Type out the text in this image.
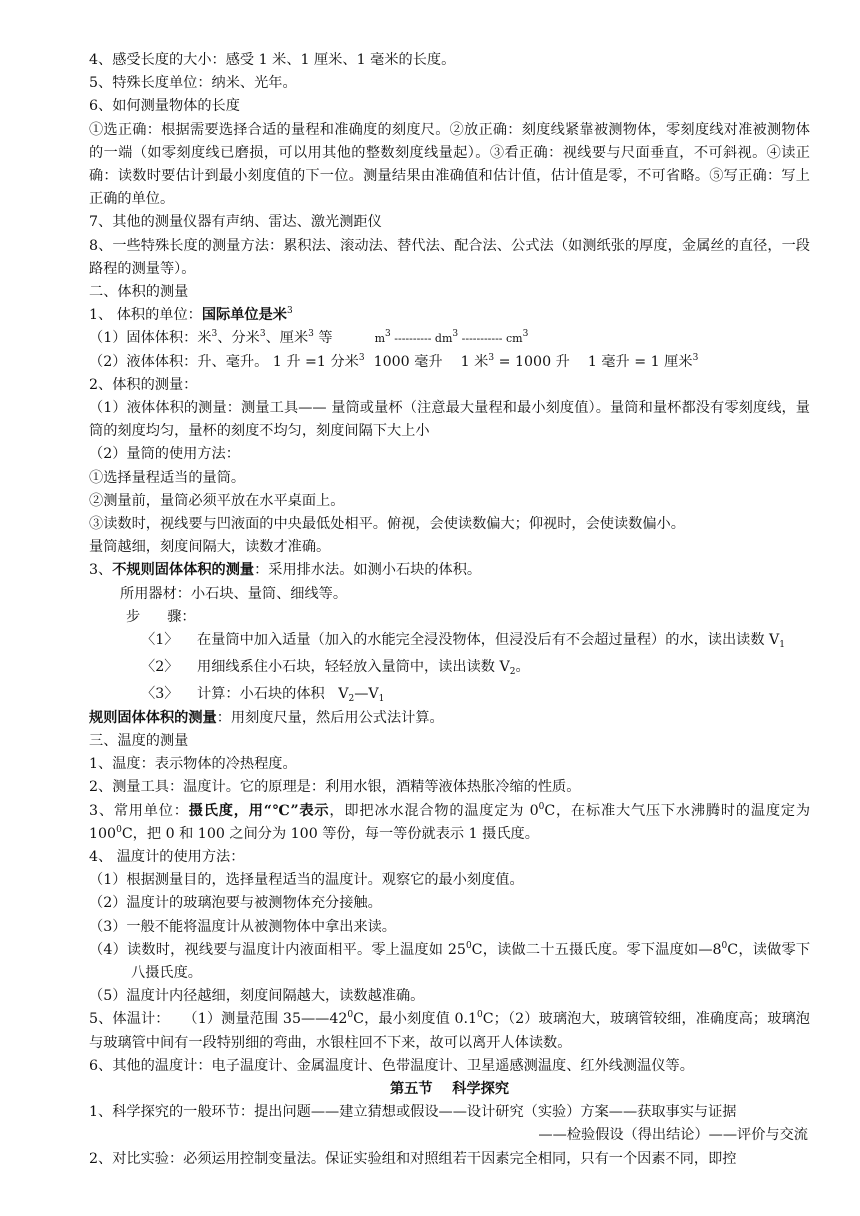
4、感受长度的大小：感受 1 米、1 厘米、1 毫米的长度。

5、特殊长度单位：纳米、光年。

6、如何测量物体的长度

①选正确：根据需要选择合适的量程和准确度的刻度尺。②放正确：刻度线紧靠被测物体，零刻度线对准被测物体的一端（如零刻度线已磨损，可以用其他的整数刻度线量起）。③看正确：视线要与尺面垂直，不可斜视。④读正确：读数时要估计到最小刻度值的下一位。测量结果由准确值和估计值，估计值是零，不可省略。⑤写正确：写上正确的单位。

7、其他的测量仪器有声纳、雷达、激光测距仪

8、一些特殊长度的测量方法：累积法、滚动法、替代法、配合法、公式法（如测纸张的厚度，金属丝的直径，一段路程的测量等）。

二、体积的测量

1、 体积的单位：国际单位是米$^3$

（1）固体体积：米$^3$、分米$^3$、厘米$^3$ 等	$m^3$ ---------- $dm^3$ ----------- $cm^3$

（2）液体体积：升、毫升。 1 升 =1 分米$^3$  1000 毫升    1 米$^3$ = 1000 升    1 毫升 = 1 厘米$^3$

2、体积的测量：

（1）液体体积的测量：测量工具—— 量筒或量杯（注意最大量程和最小刻度值）。量筒和量杯都没有零刻度线，量筒的刻度均匀，量杯的刻度不均匀，刻度间隔下大上小

（2）量筒的使用方法：

①选择量程适当的量筒。

②测量前，量筒必须平放在水平桌面上。

③读数时，视线要与凹液面的中央最低处相平。俯视，会使读数偏大；仰视时，会使读数偏小。

量筒越细，刻度间隔大，读数才准确。

3、不规则固体体积的测量：采用排水法。如测小石块的体积。

所用器材：小石块、量筒、细线等。

步      骤：

〈1〉	在量筒中加入适量（加入的水能完全浸没物体，但浸没后有不会超过量程）的水，读出读数 $V_1$
〈2〉	用细线系住小石块，轻轻放入量筒中，读出读数 $V_2$。
〈3〉	计算：小石块的体积   $V_2—V_1$

规则固体体积的测量：用刻度尺量，然后用公式法计算。

三、温度的测量

1、温度：表示物体的冷热程度。

2、测量工具：温度计。它的原理是：利用水银，酒精等液体热胀冷缩的性质。

3、常用单位：摄氏度，用“℃”表示，即把冰水混合物的温度定为 $0^0C$，在标准大气压下水沸腾时的温度定为 $100^0C$，把 0 和 100 之间分为 100 等份，每一等份就表示 1 摄氏度。

4、 温度计的使用方法：

（1）根据测量目的，选择量程适当的温度计。观察它的最小刻度值。

（2）温度计的玻璃泡要与被测物体充分接触。

（3）一般不能将温度计从被测物体中拿出来读。

（4）读数时，视线要与温度计内液面相平。零上温度如 $25^0C$，读做二十五摄氏度。零下温度如$—8^0C$，读做零下八摄氏度。

（5）温度计内径越细，刻度间隔越大，读数越准确。

5、体温计：   （1）测量范围 $35——42^0C$，最小刻度值 $0.1^0C$；（2）玻璃泡大，玻璃管较细，准确度高；玻璃泡与玻璃管中间有一段特别细的弯曲，水银柱回不下来，故可以离开人体读数。

6、其他的温度计：电子温度计、金属温度计、色带温度计、卫星遥感测温度、红外线测温仪等。

第五节    科学探究

1、科学探究的一般环节：提出问题——建立猜想或假设——设计研究（实验）方案——获取事实与证据

——检验假设（得出结论）——评价与交流

2、对比实验：必须运用控制变量法。保证实验组和对照组若干因素完全相同，只有一个因素不同，即控
